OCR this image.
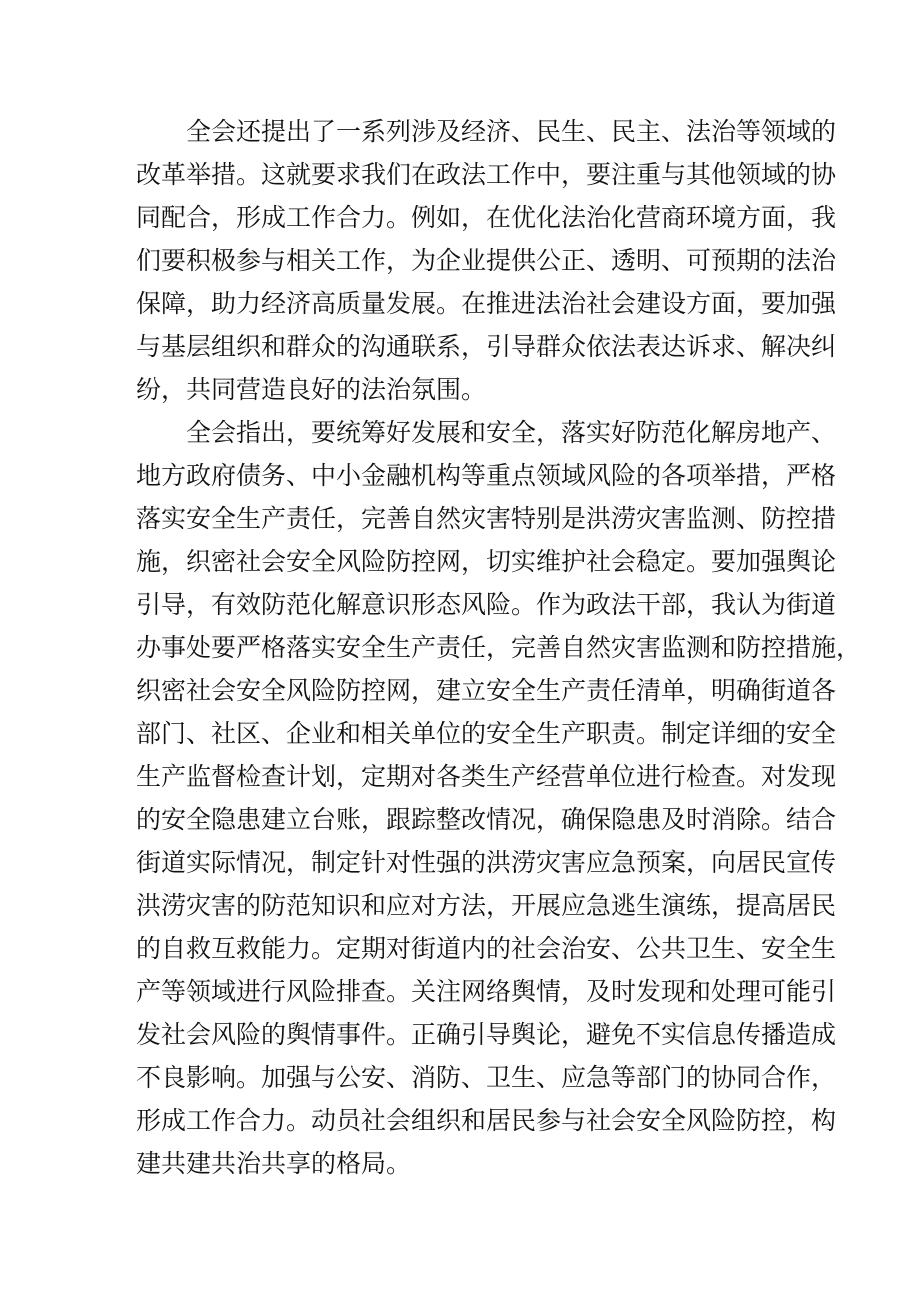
全会还提出了一系列涉及经济、民生、民主、法治等领域的
改革举措。这就要求我们在政法工作中，要注重与其他领域的协
同配合，形成工作合力。例如，在优化法治化营商环境方面，我
们要积极参与相关工作，为企业提供公正、透明、可预期的法治
保障，助力经济高质量发展。在推进法治社会建设方面，要加强
与基层组织和群众的沟通联系，引导群众依法表达诉求、解决纠
纷，共同营造良好的法治氛围。
全会指出，要统筹好发展和安全，落实好防范化解房地产、
地方政府债务、中小金融机构等重点领域风险的各项举措，严格
落实安全生产责任，完善自然灾害特别是洪涝灾害监测、防控措
施，织密社会安全风险防控网，切实维护社会稳定。要加强舆论
引导，有效防范化解意识形态风险。作为政法干部，我认为街道
办事处要严格落实安全生产责任，完善自然灾害监测和防控措施，
织密社会安全风险防控网，建立安全生产责任清单，明确街道各
部门、社区、企业和相关单位的安全生产职责。制定详细的安全
生产监督检查计划，定期对各类生产经营单位进行检查。对发现
的安全隐患建立台账，跟踪整改情况，确保隐患及时消除。结合
街道实际情况，制定针对性强的洪涝灾害应急预案，向居民宣传
洪涝灾害的防范知识和应对方法，开展应急逃生演练，提高居民
的自救互救能力。定期对街道内的社会治安、公共卫生、安全生
产等领域进行风险排查。关注网络舆情，及时发现和处理可能引
发社会风险的舆情事件。正确引导舆论，避免不实信息传播造成
不良影响。加强与公安、消防、卫生、应急等部门的协同合作，
形成工作合力。动员社会组织和居民参与社会安全风险防控，构
建共建共治共享的格局。
